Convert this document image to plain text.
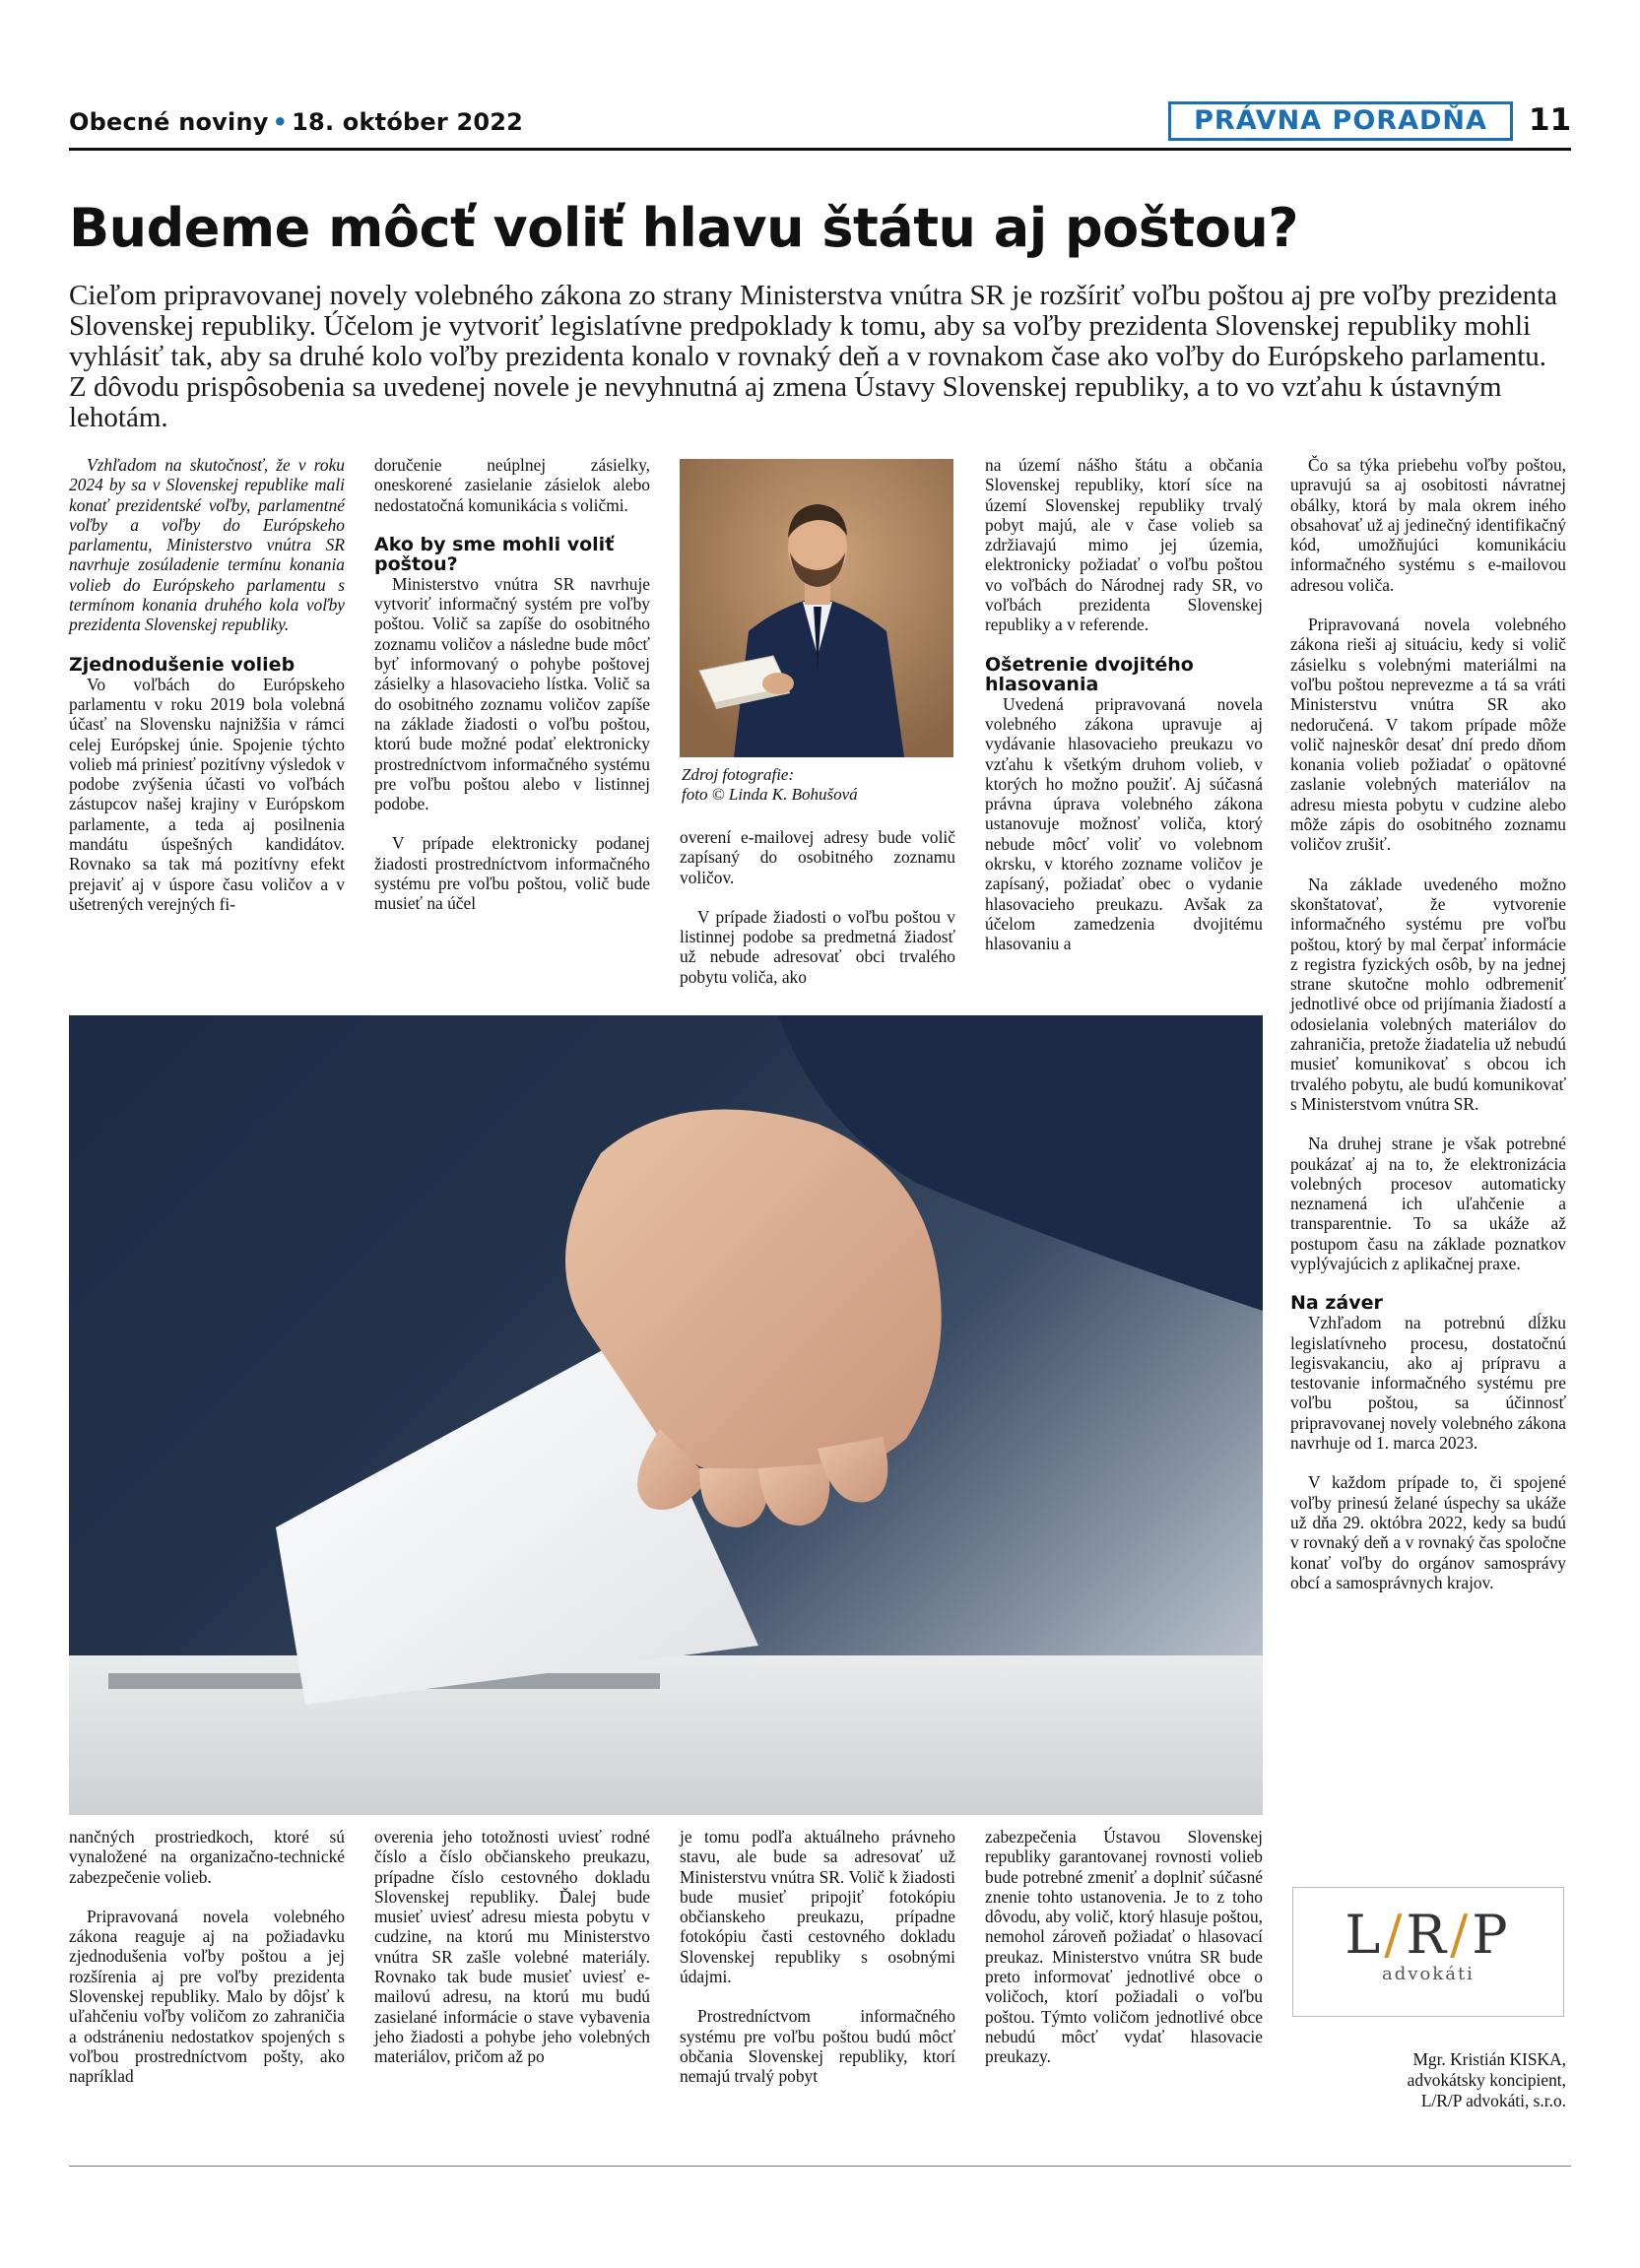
Obecné noviny • 18. október 2022	PRÁVNA PORADŇA	11
Budeme môcť voliť hlavu štátu aj poštou?

Cieľom pripravovanej novely volebného zákona zo strany Ministerstva vnútra SR je rozšíriť voľbu poštou aj pre voľby prezidenta Slovenskej republiky. Účelom je vytvoriť legislatívne predpoklady k tomu, aby sa voľby prezidenta Slovenskej republiky mohli vyhlásiť tak, aby sa druhé kolo voľby prezidenta konalo v rovnaký deň a v rovnakom čase ako voľby do Európskeho parlamentu. Z dôvodu prispôsobenia sa uvedenej novele je nevyhnutná aj zmena Ústavy Slovenskej republiky, a to vo vzťahu k ústavným lehotám.

Vzhľadom na skutočnosť, že v roku 2024 by sa v Slovenskej republike mali konať prezidentské voľby, parlamentné voľby a voľby do Európskeho parlamentu, Ministerstvo vnútra SR navrhuje zosúladenie termínu konania volieb do Európskeho parlamentu s termínom konania druhého kola voľby prezidenta Slovenskej republiky.

Zjednodušenie volieb

Vo voľbách do Európskeho parlamentu v roku 2019 bola volebná účasť na Slovensku najnižšia v rámci celej Európskej únie. Spojenie týchto volieb má priniesť pozitívny výsledok v podobe zvýšenia účasti vo voľbách zástupcov našej krajiny v Európskom parlamente, a teda aj posilnenia mandátu úspešných kandidátov. Rovnako sa tak má pozitívny efekt prejaviť aj v úspore času voličov a v ušetrených verejných fi-

doručenie neúplnej zásielky, oneskorené zasielanie zásielok alebo nedostatočná komunikácia s voličmi.

Ako by sme mohli voliť poštou?

Ministerstvo vnútra SR navrhuje vytvoriť informačný systém pre voľby poštou. Volič sa zapíše do osobitného zoznamu voličov a následne bude môcť byť informovaný o pohybe poštovej zásielky a hlasovacieho lístka. Volič sa do osobitného zoznamu voličov zapíše na základe žiadosti o voľbu poštou, ktorú bude možné podať elektronicky prostredníctvom informačného systému pre voľbu poštou alebo v listinnej podobe.

V prípade elektronicky podanej žiadosti prostredníctvom informačného systému pre voľbu poštou, volič bude musieť na účel

Zdroj fotografie:
foto © Linda K. Bohušová

overení e-mailovej adresy bude volič zapísaný do osobitného zoznamu voličov.

V prípade žiadosti o voľbu poštou v listinnej podobe sa predmetná žiadosť už nebude adresovať obci trvalého pobytu voliča, ako

na území nášho štátu a občania Slovenskej republiky, ktorí síce na území Slovenskej republiky trvalý pobyt majú, ale v čase volieb sa zdržiavajú mimo jej územia, elektronicky požiadať o voľbu poštou vo voľbách do Národnej rady SR, vo voľbách prezidenta Slovenskej republiky a v referende.

Ošetrenie dvojitého hlasovania

Uvedená pripravovaná novela volebného zákona upravuje aj vydávanie hlasovacieho preukazu vo vzťahu k všetkým druhom volieb, v ktorých ho možno použiť. Aj súčasná právna úprava volebného zákona ustanovuje možnosť voliča, ktorý nebude môcť voliť vo volebnom okrsku, v ktorého zozname voličov je zapísaný, požiadať obec o vydanie hlasovacieho preukazu. Avšak za účelom zamedzenia dvojitému hlasovaniu a

Čo sa týka priebehu voľby poštou, upravujú sa aj osobitosti návratnej obálky, ktorá by mala okrem iného obsahovať už aj jedinečný identifikačný kód, umožňujúci komunikáciu informačného systému s e-mailovou adresou voliča.

Pripravovaná novela volebného zákona rieši aj situáciu, kedy si volič zásielku s volebnými materiálmi na voľbu poštou neprevezme a tá sa vráti Ministerstvu vnútra SR ako nedoručená. V takom prípade môže volič najneskôr desať dní predo dňom konania volieb požiadať o opätovné zaslanie volebných materiálov na adresu miesta pobytu v cudzine alebo môže zápis do osobitného zoznamu voličov zrušiť.

Na základe uvedeného možno skonštatovať, že vytvorenie informačného systému pre voľbu poštou, ktorý by mal čerpať informácie z registra fyzických osôb, by na jednej strane skutočne mohlo odbremeniť jednotlivé obce od prijímania žiadostí a odosielania volebných materiálov do zahraničia, pretože žiadatelia už nebudú musieť komunikovať s obcou ich trvalého pobytu, ale budú komunikovať s Ministerstvom vnútra SR.

Na druhej strane je však potrebné poukázať aj na to, že elektronizácia volebných procesov automaticky neznamená ich uľahčenie a transparentnie. To sa ukáže až postupom času na základe poznatkov vyplývajúcich z aplikačnej praxe.

Na záver

Vzhľadom na potrebnú dĺžku legislatívneho procesu, dostatočnú legisvakanciu, ako aj prípravu a testovanie informačného systému pre voľbu poštou, sa účinnosť pripravovanej novely volebného zákona navrhuje od 1. marca 2023.

V každom prípade to, či spojené voľby prinesú želané úspechy sa ukáže už dňa 29. októbra 2022, kedy sa budú v rovnaký deň a v rovnaký čas spoločne konať voľby do orgánov samosprávy obcí a samosprávnych krajov.

nančných prostriedkoch, ktoré sú vynaložené na organizačno-technické zabezpečenie volieb.

Pripravovaná novela volebného zákona reaguje aj na požiadavku zjednodušenia voľby poštou a jej rozšírenia aj pre voľby prezidenta Slovenskej republiky. Malo by dôjsť k uľahčeniu voľby voličom zo zahraničia a odstráneniu nedostatkov spojených s voľbou prostredníctvom pošty, ako napríklad

overenia jeho totožnosti uviesť rodné číslo a číslo občianskeho preukazu, prípadne číslo cestovného dokladu Slovenskej republiky. Ďalej bude musieť uviesť adresu miesta pobytu v cudzine, na ktorú mu Ministerstvo vnútra SR zašle volebné materiály. Rovnako tak bude musieť uviesť e-mailovú adresu, na ktorú mu budú zasielané informácie o stave vybavenia jeho žiadosti a pohybe jeho volebných materiálov, pričom až po

je tomu podľa aktuálneho právneho stavu, ale bude sa adresovať už Ministerstvu vnútra SR. Volič k žiadosti bude musieť pripojiť fotokópiu občianskeho preukazu, prípadne fotokópiu časti cestovného dokladu Slovenskej republiky s osobnými údajmi.

Prostredníctvom informačného systému pre voľbu poštou budú môcť občania Slovenskej republiky, ktorí nemajú trvalý pobyt

zabezpečenia Ústavou Slovenskej republiky garantovanej rovnosti volieb bude potrebné zmeniť a doplniť súčasné znenie tohto ustanovenia. Je to z toho dôvodu, aby volič, ktorý hlasuje poštou, nemohol zároveň požiadať o hlasovací preukaz. Ministerstvo vnútra SR bude preto informovať jednotlivé obce o voličoch, ktorí požiadali o voľbu poštou. Týmto voličom jednotlivé obce nebudú môcť vydať hlasovacie preukazy.

L/R/P
advokáti
Mgr. Kristián KISKA,
advokátsky koncipient,
L/R/P advokáti, s.r.o.
